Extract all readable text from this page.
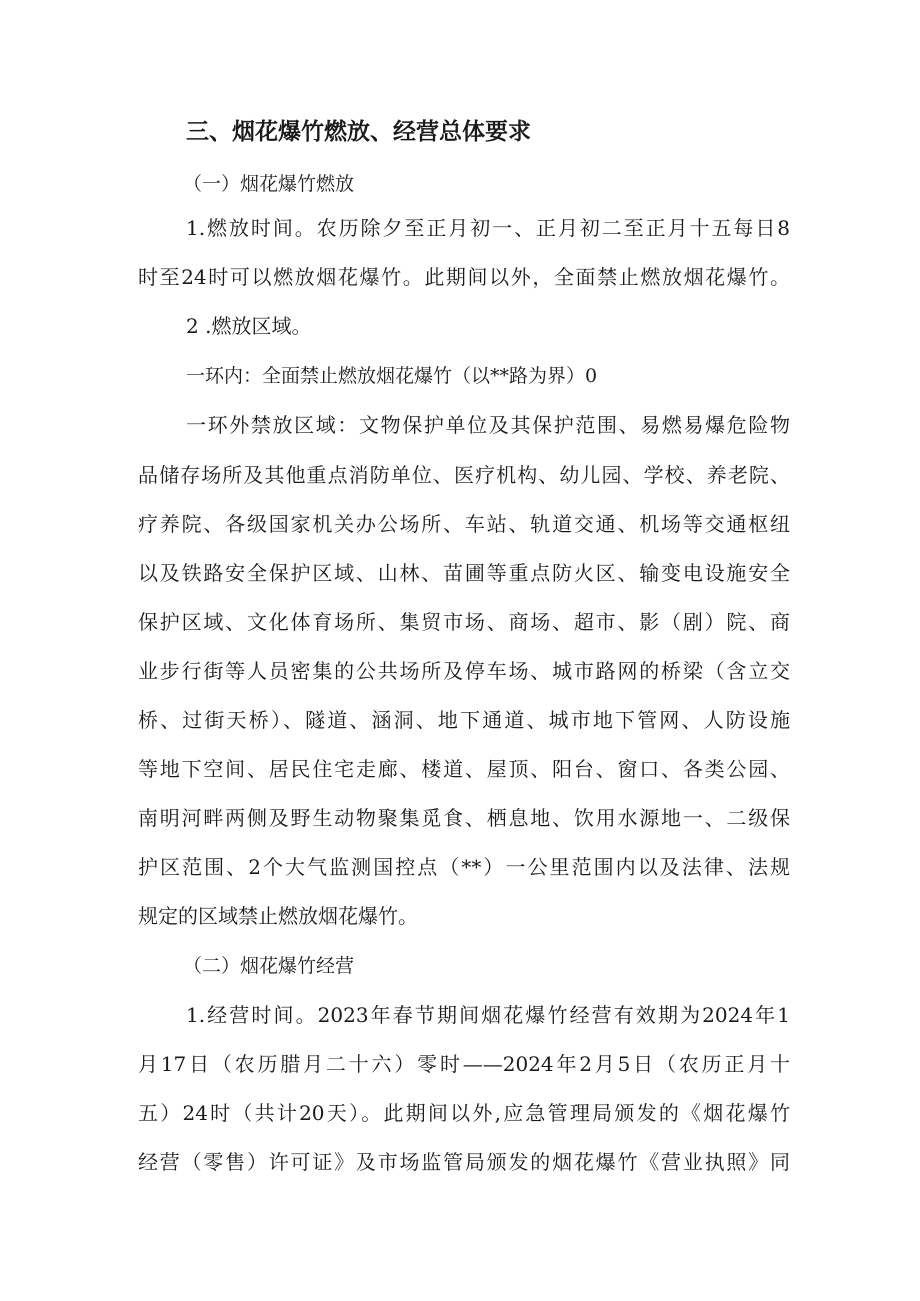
三、烟花爆竹燃放、经营总体要求
（一）烟花爆竹燃放
1.燃放时间。农历除夕至正月初一、正月初二至正月十五每日8
时至24时可以燃放烟花爆竹。此期间以外，全面禁止燃放烟花爆竹。
2 .燃放区域。
一环内：全面禁止燃放烟花爆竹（以**路为界）0
一环外禁放区域：文物保护单位及其保护范围、易燃易爆危险物
品储存场所及其他重点消防单位、医疗机构、幼儿园、学校、养老院、
疗养院、各级国家机关办公场所、车站、轨道交通、机场等交通枢纽
以及铁路安全保护区域、山林、苗圃等重点防火区、输变电设施安全
保护区域、文化体育场所、集贸市场、商场、超市、影（剧）院、商
业步行街等人员密集的公共场所及停车场、城市路网的桥梁（含立交
桥、过街天桥）、隧道、涵洞、地下通道、城市地下管网、人防设施
等地下空间、居民住宅走廊、楼道、屋顶、阳台、窗口、各类公园、
南明河畔两侧及野生动物聚集觅食、栖息地、饮用水源地一、二级保
护区范围、2个大气监测国控点（**）一公里范围内以及法律、法规
规定的区域禁止燃放烟花爆竹。
（二）烟花爆竹经营
1.经营时间。2023年春节期间烟花爆竹经营有效期为2024年1
月17日（农历腊月二十六）零时——2024年2月5日（农历正月十
五）24时（共计20天）。此期间以外,应急管理局颁发的《烟花爆竹
经营（零售）许可证》及市场监管局颁发的烟花爆竹《营业执照》同
